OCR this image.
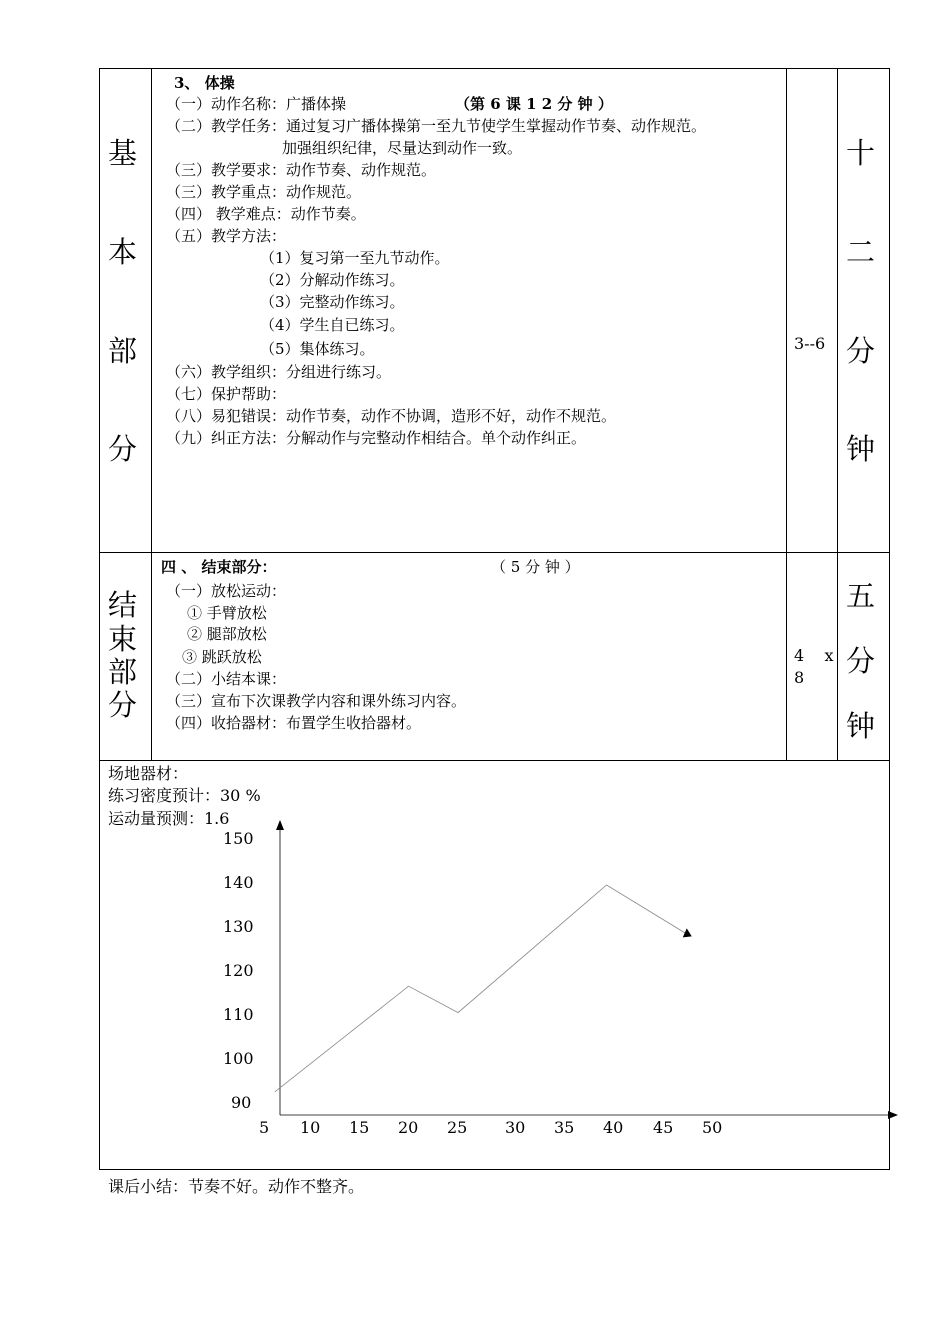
基
本
部
分
3、 体操
（一）动作名称：广播体操	（第 6 课 1 2 分 钟 ）
（二）教学任务：通过复习广播体操第一至九节使学生掌握动作节奏、动作规范。
加强组织纪律，尽量达到动作一致。
（三）教学要求：动作节奏、动作规范。
（三）教学重点：动作规范。
（四） 教学难点：动作节奏。
（五）教学方法：
（1）复习第一至九节动作。
（2）分解动作练习。
（3）完整动作练习。
（4）学生自已练习。
（5）集体练习。
（六）教学组织：分组进行练习。
（七）保护帮助：
（八）易犯错误：动作节奏，动作不协调，造形不好，动作不规范。
（九）纠正方法：分解动作与完整动作相结合。单个动作纠正。
3--6
十
二
分
钟
结
束
部
分
四 、 结束部分：	（ 5 分 钟 ）
（一）放松运动：
① 手臂放松
② 腿部放松
③ 跳跃放松
（二）小结本课：
（三）宣布下次课教学内容和课外练习内容。
（四）收拾器材：布置学生收拾器材。
4    x
8
五
分
钟
场地器材：
练习密度预计：30 %
运动量预测：1.6
150
140
130
120
110
100
90
5 10 15 20 25 30 35 40 45 50
课后小结：节奏不好。动作不整齐。
